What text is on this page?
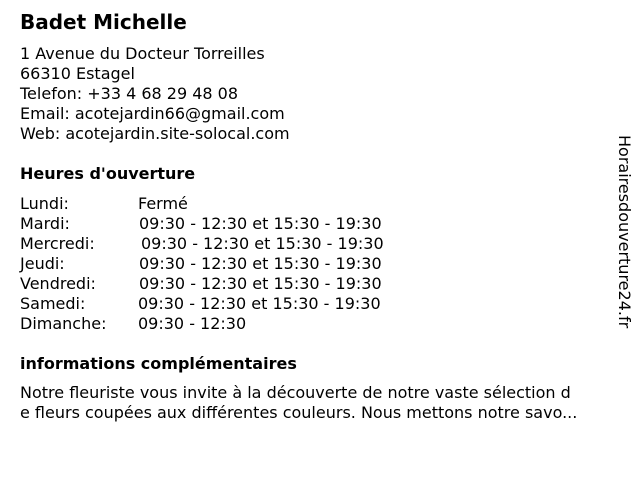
Badet Michelle
1 Avenue du Docteur Torreilles
66310 Estagel
Telefon: +33 4 68 29 48 08
Email: acotejardin66@gmail.com
Web: acotejardin.site-solocal.com
Heures d'ouverture
Lundi:	Fermé
Mardi:	09:30 - 12:30 et 15:30 - 19:30
Mercredi:	09:30 - 12:30 et 15:30 - 19:30
Jeudi:	09:30 - 12:30 et 15:30 - 19:30
Vendredi:	09:30 - 12:30 et 15:30 - 19:30
Samedi:	09:30 - 12:30 et 15:30 - 19:30
Dimanche: 09:30 - 12:30
informations complémentaires
Notre fleuriste vous invite à la découverte de notre vaste sélection d
e fleurs coupées aux différentes couleurs. Nous mettons notre savo...
Horairesdouverture24.fr
